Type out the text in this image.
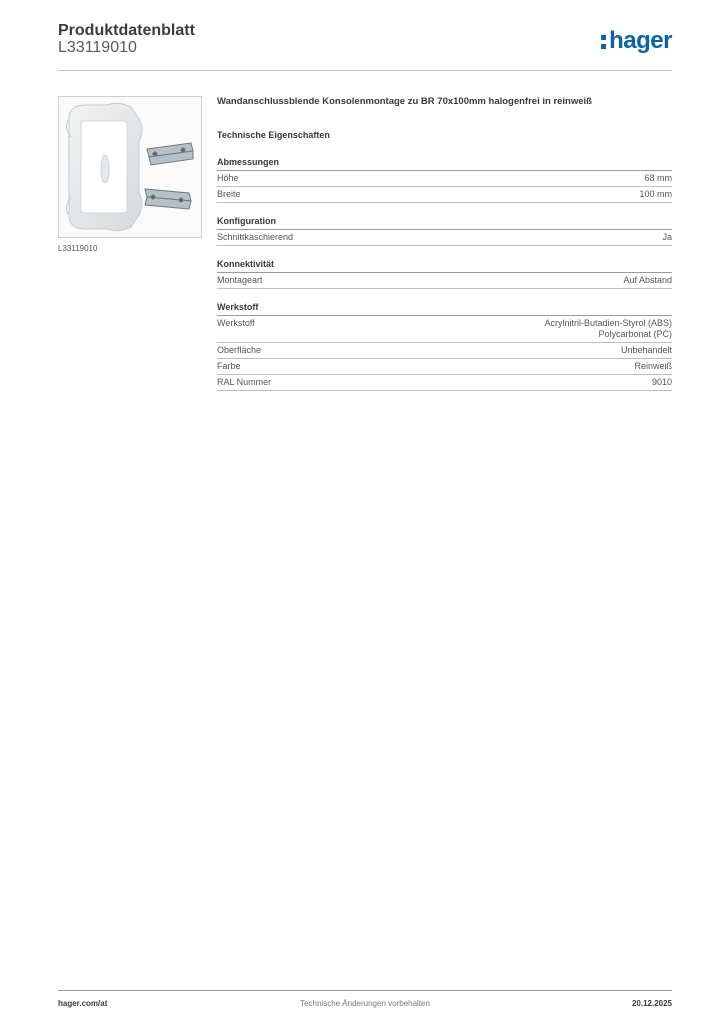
Produktdatenblatt
L33119010	hager
L33119010
Wandanschlussblende Konsolenmontage zu BR 70x100mm halogenfrei in reinweiß
Technische Eigenschaften
Abmessungen
Höhe	68 mm
Breite	100 mm
Konfiguration
Schnittkaschierend	Ja
Konnektivität
Montageart	Auf Abstand
Werkstoff
Werkstoff	Acrylnitril-Butadien-Styrol (ABS)
Polycarbonat (PC)
Oberfläche	Unbehandelt
Farbe	Reinweiß
RAL Nummer	9010
hager.com/at	Technische Änderungen vorbehalten	20.12.2025
